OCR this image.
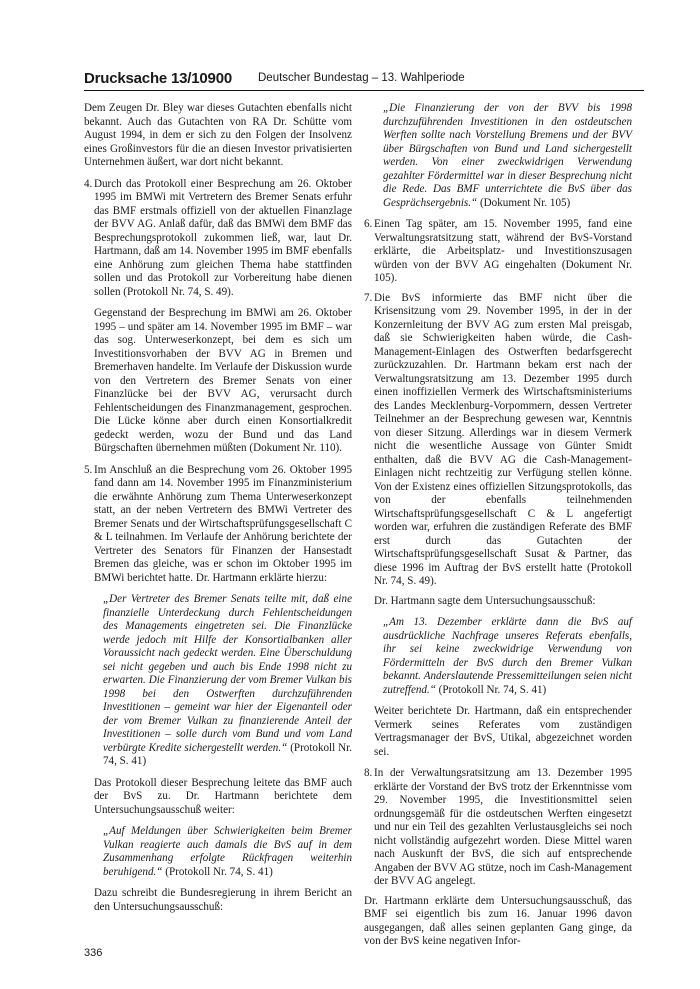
Drucksache 13/10900 Deutscher Bundestag – 13. Wahlperiode

Dem Zeugen Dr. Bley war dieses Gutachten ebenfalls nicht bekannt. Auch das Gutachten von RA Dr. Schütte vom August 1994, in dem er sich zu den Folgen der Insolvenz eines Großinvestors für die an diesen Investor privatisierten Unternehmen äußert, war dort nicht bekannt.

4. Durch das Protokoll einer Besprechung am 26. Oktober 1995 im BMWi mit Vertretern des Bremer Senats erfuhr das BMF erstmals offiziell von der aktuellen Finanzlage der BVV AG. Anlaß dafür, daß das BMWi dem BMF das Besprechungsprotokoll zukommen ließ, war, laut Dr. Hartmann, daß am 14. November 1995 im BMF ebenfalls eine Anhörung zum gleichen Thema habe stattfinden sollen und das Protokoll zur Vorbereitung habe dienen sollen (Protokoll Nr. 74, S. 49).

Gegenstand der Besprechung im BMWi am 26. Oktober 1995 – und später am 14. November 1995 im BMF – war das sog. Unterweserkonzept, bei dem es sich um Investitionsvorhaben der BVV AG in Bremen und Bremerhaven handelte. Im Verlaufe der Diskussion wurde von den Vertretern des Bremer Senats von einer Finanzlücke bei der BVV AG, verursacht durch Fehlentscheidungen des Finanzmanagement, gesprochen. Die Lücke könne aber durch einen Konsortialkredit gedeckt werden, wozu der Bund und das Land Bürgschaften übernehmen müßten (Dokument Nr. 110).

5. Im Anschluß an die Besprechung vom 26. Oktober 1995 fand dann am 14. November 1995 im Finanzministerium die erwähnte Anhörung zum Thema Unterweserkonzept statt, an der neben Vertretern des BMWi Vertreter des Bremer Senats und der Wirtschaftsprüfungsgesellschaft C & L teilnahmen. Im Verlaufe der Anhörung berichtete der Vertreter des Senators für Finanzen der Hansestadt Bremen das gleiche, was er schon im Oktober 1995 im BMWi berichtet hatte. Dr. Hartmann erklärte hierzu:

„Der Vertreter des Bremer Senats teilte mit, daß eine finanzielle Unterdeckung durch Fehlentscheidungen des Managements eingetreten sei. Die Finanzlücke werde jedoch mit Hilfe der Konsortialbanken aller Voraussicht nach gedeckt werden. Eine Überschuldung sei nicht gegeben und auch bis Ende 1998 nicht zu erwarten. Die Finanzierung der vom Bremer Vulkan bis 1998 bei den Ostwerften durchzuführenden Investitionen – gemeint war hier der Eigenanteil oder der vom Bremer Vulkan zu finanzierende Anteil der Investitionen – solle durch vom Bund und vom Land verbürgte Kredite sichergestellt werden.“ (Protokoll Nr. 74, S. 41)

Das Protokoll dieser Besprechung leitete das BMF auch der BvS zu. Dr. Hartmann berichtete dem Untersuchungsausschuß weiter:

„Auf Meldungen über Schwierigkeiten beim Bremer Vulkan reagierte auch damals die BvS auf in dem Zusammenhang erfolgte Rückfragen weiterhin beruhigend.“ (Protokoll Nr. 74, S. 41)

Dazu schreibt die Bundesregierung in ihrem Bericht an den Untersuchungsausschuß:

„Die Finanzierung der von der BVV bis 1998 durchzuführenden Investitionen in den ostdeutschen Werften sollte nach Vorstellung Bremens und der BVV über Bürgschaften von Bund und Land sichergestellt werden. Von einer zweckwidrigen Verwendung gezahlter Fördermittel war in dieser Besprechung nicht die Rede. Das BMF unterrichtete die BvS über das Gesprächsergebnis.“ (Dokument Nr. 105)

6. Einen Tag später, am 15. November 1995, fand eine Verwaltungsratsitzung statt, während der BvS-Vorstand erklärte, die Arbeitsplatz- und Investitionszusagen würden von der BVV AG eingehalten (Dokument Nr. 105).
7. Die BvS informierte das BMF nicht über die Krisensitzung vom 29. November 1995, in der in der Konzernleitung der BVV AG zum ersten Mal preisgab, daß sie Schwierigkeiten haben würde, die Cash-Management-Einlagen des Ostwerften bedarfsgerecht zurückzuzahlen. Dr. Hartmann bekam erst nach der Verwaltungsratsitzung am 13. Dezember 1995 durch einen inoffiziellen Vermerk des Wirtschaftsministeriums des Landes Mecklenburg-Vorpommern, dessen Vertreter Teilnehmer an der Besprechung gewesen war, Kenntnis von dieser Sitzung. Allerdings war in diesem Vermerk nicht die wesentliche Aussage von Günter Smidt enthalten, daß die BVV AG die Cash-Management-Einlagen nicht rechtzeitig zur Verfügung stellen könne. Von der Existenz eines offiziellen Sitzungsprotokolls, das von der ebenfalls teilnehmenden Wirtschaftsprüfungsgesellschaft C & L angefertigt worden war, erfuhren die zuständigen Referate des BMF erst durch das Gutachten der Wirtschaftsprüfungsgesellschaft Susat & Partner, das diese 1996 im Auftrag der BvS erstellt hatte (Protokoll Nr. 74, S. 49).

Dr. Hartmann sagte dem Untersuchungsausschuß:

„Am 13. Dezember erklärte dann die BvS auf ausdrückliche Nachfrage unseres Referats ebenfalls, ihr sei keine zweckwidrige Verwendung von Fördermitteln der BvS durch den Bremer Vulkan bekannt. Anderslautende Pressemitteilungen seien nicht zutreffend.“ (Protokoll Nr. 74, S. 41)

Weiter berichtete Dr. Hartmann, daß ein entsprechender Vermerk seines Referates vom zuständigen Vertragsmanager der BvS, Utikal, abgezeichnet worden sei.

8. In der Verwaltungsratsitzung am 13. Dezember 1995 erklärte der Vorstand der BvS trotz der Erkenntnisse vom 29. November 1995, die Investitionsmittel seien ordnungsgemäß für die ostdeutschen Werften eingesetzt und nur ein Teil des gezahlten Verlustausgleichs sei noch nicht vollständig aufgezehrt worden. Diese Mittel waren nach Auskunft der BvS, die sich auf entsprechende Angaben der BVV AG stütze, noch im Cash-Management der BVV AG angelegt.

Dr. Hartmann erklärte dem Untersuchungsausschuß, das BMF sei eigentlich bis zum 16. Januar 1996 davon ausgegangen, daß alles seinen geplanten Gang ginge, da von der BvS keine negativen Infor-

336
